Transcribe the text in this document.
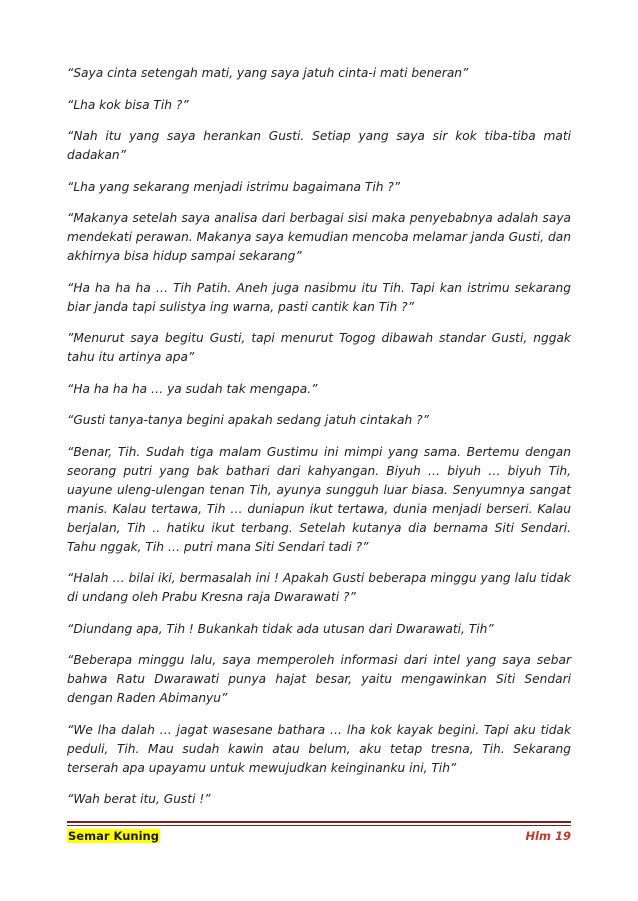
“Saya cinta setengah mati, yang saya jatuh cinta-i mati beneran”

“Lha kok bisa Tih ?”

“Nah itu yang saya herankan Gusti. Setiap yang saya sir kok tiba-tiba mati dadakan”

“Lha yang sekarang menjadi istrimu bagaimana Tih ?”

“Makanya setelah saya analisa dari berbagai sisi maka penyebabnya adalah saya mendekati perawan. Makanya saya kemudian mencoba melamar janda Gusti, dan akhirnya bisa hidup sampai sekarang”

“Ha ha ha ha … Tih Patih. Aneh juga nasibmu itu Tih. Tapi kan istrimu sekarang biar janda tapi sulistya ing warna, pasti cantik kan Tih ?”

”Menurut saya begitu Gusti, tapi menurut Togog dibawah standar Gusti, nggak tahu itu artinya apa”

“Ha ha ha ha … ya sudah tak mengapa.”

“Gusti tanya-tanya begini apakah sedang jatuh cintakah ?”

“Benar, Tih. Sudah tiga malam Gustimu ini mimpi yang sama. Bertemu dengan seorang putri yang bak bathari dari kahyangan. Biyuh … biyuh … biyuh Tih, uayune uleng-ulengan tenan Tih, ayunya sungguh luar biasa. Senyumnya sangat manis. Kalau tertawa, Tih … duniapun ikut tertawa, dunia menjadi berseri. Kalau berjalan, Tih .. hatiku ikut terbang. Setelah kutanya dia bernama Siti Sendari. Tahu nggak, Tih … putri mana Siti Sendari tadi ?”

“Halah … bilai iki, bermasalah ini ! Apakah Gusti beberapa minggu yang lalu tidak di undang oleh Prabu Kresna raja Dwarawati ?”

“Diundang apa, Tih ! Bukankah tidak ada utusan dari Dwarawati, Tih”

“Beberapa minggu lalu, saya memperoleh informasi dari intel yang saya sebar bahwa Ratu Dwarawati punya hajat besar, yaitu mengawinkan Siti Sendari dengan Raden Abimanyu”

“We lha dalah … jagat wasesane bathara … lha kok kayak begini. Tapi aku tidak peduli, Tih. Mau sudah kawin atau belum, aku tetap tresna, Tih. Sekarang terserah apa upayamu untuk mewujudkan keinginanku ini, Tih”

“Wah berat itu, Gusti !”

Semar Kuning	Hlm 19
